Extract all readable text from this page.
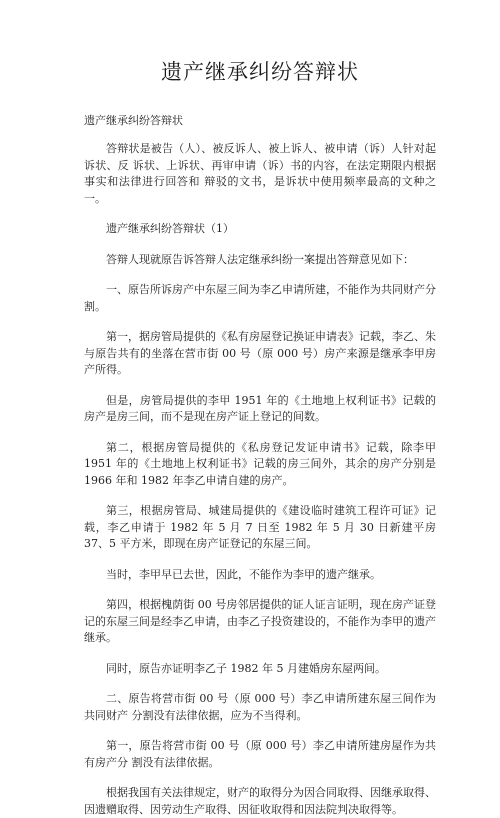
遗产继承纠纷答辩状

遗产继承纠纷答辩状

答辩状是被告（人）、被反诉人、被上诉人、被申请（诉）人针对起诉状、反 诉状、上诉状、再审申请（诉）书的内容，在法定期限内根据事实和法律进行回答和 辩驳的文书，是诉状中使用频率最高的文种之一。

遗产继承纠纷答辩状（1）

答辩人现就原告诉答辩人法定继承纠纷一案提出答辩意见如下：

一、原告所诉房产中东屋三间为李乙申请所建，不能作为共同财产分割。

第一，据房管局提供的《私有房屋登记换证申请表》记载，李乙、朱与原告共有的坐落在营市街 00 号（原 000 号）房产来源是继承李甲房产所得。

但是，房管局提供的李甲 1951 年的《土地地上权利证书》记载的房产是房三间，而不是现在房产证上登记的间数。

第二，根据房管局提供的《私房登记发证申请书》记载，除李甲 1951 年的《土地地上权利证书》记载的房三间外，其余的房产分别是 1966 年和 1982 年李乙申请自建的房产。

第三，根据房管局、城建局提供的《建设临时建筑工程许可证》记载，李乙申请于 1982 年 5 月 7 日至 1982 年 5 月 30 日新建平房 37、5 平方米，即现在房产证登记的东屋三间。

当时，李甲早已去世，因此，不能作为李甲的遗产继承。

第四，根据槐荫街 00 号房邻居提供的证人证言证明，现在房产证登记的东屋三间是经李乙申请，由李乙子投资建设的，不能作为李甲的遗产继承。

同时，原告亦证明李乙子 1982 年 5 月建婚房东屋两间。

二、原告将营市街 00 号（原 000 号）李乙申请所建东屋三间作为共同财产 分割没有法律依据，应为不当得利。

第一，原告将营市街 00 号（原 000 号）李乙申请所建房屋作为共有房产分 割没有法律依据。

根据我国有关法律规定，财产的取得分为因合同取得、因继承取得、因遗赠取得、因劳动生产取得、因征收取得和因法院判决取得等。
